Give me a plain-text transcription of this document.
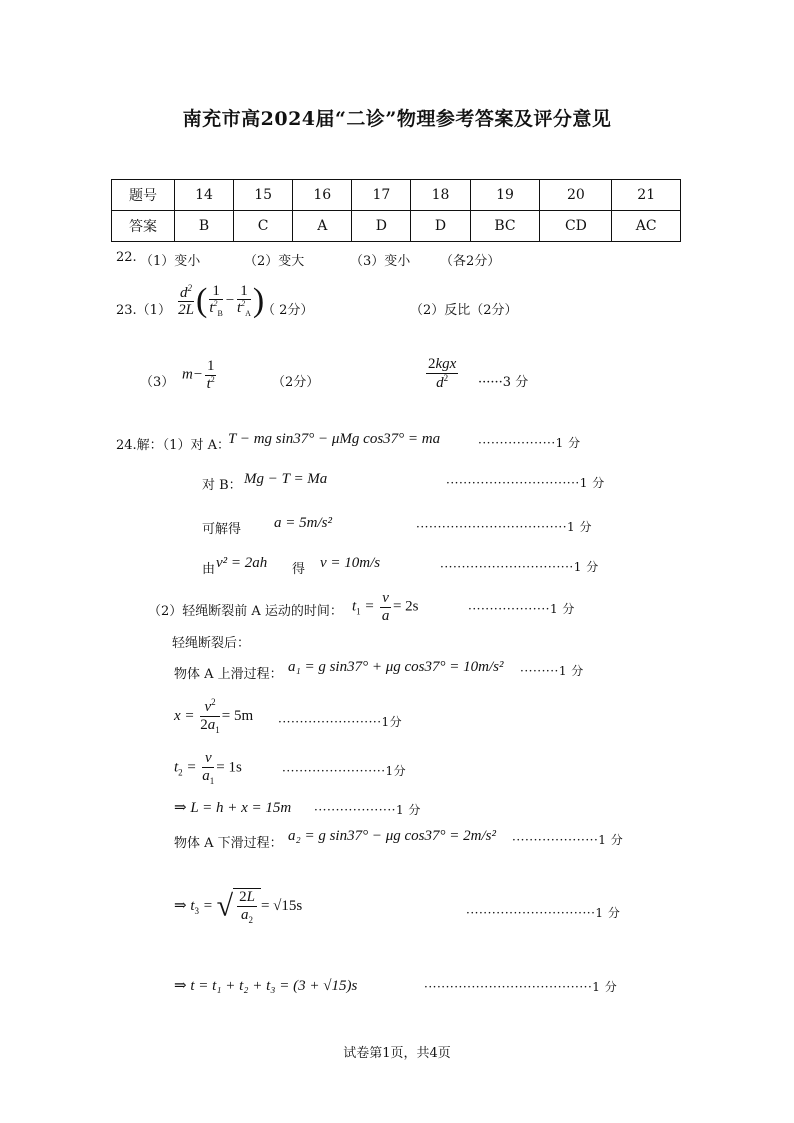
南充市高2024届“二诊”物理参考答案及评分意见
题号	14	15	16	17	18	19	20	21
答案	B	C	A	D	D	BC	CD	AC
22. （1）变小	（2）变大	（3）变小 （各2分）
$23.(1) \frac{d^2}{2L}$ ( $\frac{1}{t^2_B} - \frac{1}{t^2_A}$ )
（ 2分）	（2）反比（2分）
（3）
$m- \frac{1}{t^2}$	（2分）	$\frac{\text{2kgx}}{d^2} \cdot\cdot\cdot\cdot\cdot\cdot 3$ 分
24.解：（1）对 A：
T − mg sin37° − μMg cos37° = ma	··················1 分
对 B： Mg − T = Ma	·······························1 分
可解得 a = 5m/s²	···································1 分
由 v² = 2ah 得 v = 10m/s	·······························1 分
（2）轻绳断裂前 A 运动的时间： $t_1 = \frac{v}{a} = 2s$	···················1 分
轻绳断裂后：
物体 A 上滑过程： a₁ = g sin37° + μg cos37° = 10m/s² ·········1 分
$x = \frac{v^2}{2a_1} = 5m \cdot\cdot\cdot\cdot\cdot\cdot\cdot\cdot\cdot\cdot\cdot\cdot\cdot\cdot\cdot\cdot\cdot\cdot\cdot\cdot\cdot\cdot\cdot\cdot 1$分
$t_2 = \frac{v}{a_1} = 1s$	························1分
⇒ L = h + x = 15m ···················1 分
物体 A 下滑过程： a₂ = g sin37° − μg cos37° = 2m/s² ····················1 分
⇒ $t_3$ = √ $\frac{2L}{a_2} = √15s$	······························1 分
⇒ t = t₁ + t₂ + t₃ = (3 + √15)s	·······································1 分
试卷第1页，共4页
